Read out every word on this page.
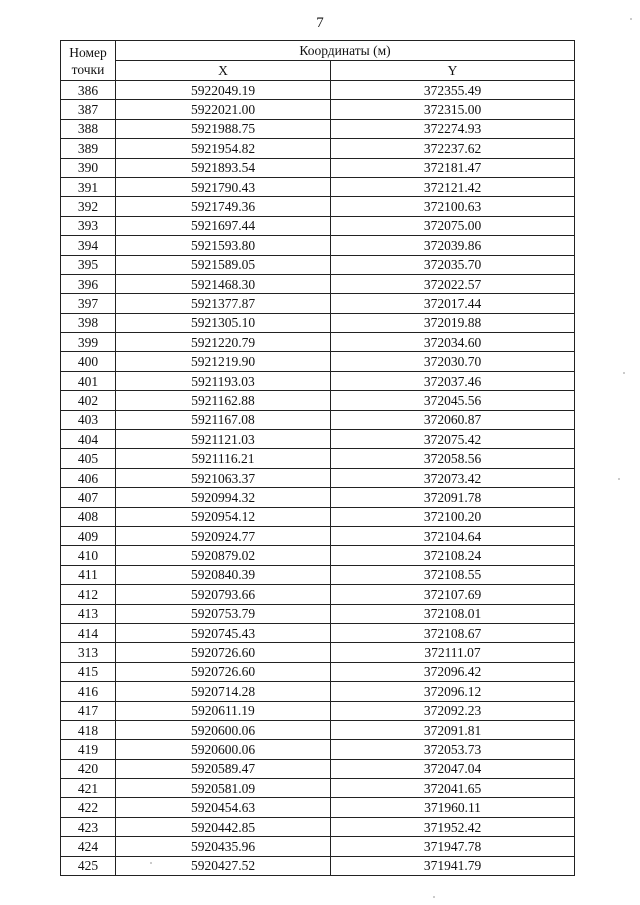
7
Номер
точки	Координаты (м)	
	X	Y
386	5922049.19	372355.49
387	5922021.00	372315.00
388	5921988.75	372274.93
389	5921954.82	372237.62
390	5921893.54	372181.47
391	5921790.43	372121.42
392	5921749.36	372100.63
393	5921697.44	372075.00
394	5921593.80	372039.86
395	5921589.05	372035.70
396	5921468.30	372022.57
397	5921377.87	372017.44
398	5921305.10	372019.88
399	5921220.79	372034.60
400	5921219.90	372030.70
401	5921193.03	372037.46
402	5921162.88	372045.56
403	5921167.08	372060.87
404	5921121.03	372075.42
405	5921116.21	372058.56
406	5921063.37	372073.42
407	5920994.32	372091.78
408	5920954.12	372100.20
409	5920924.77	372104.64
410	5920879.02	372108.24
411	5920840.39	372108.55
412	5920793.66	372107.69
413	5920753.79	372108.01
414	5920745.43	372108.67
313	5920726.60	372111.07
415	5920726.60	372096.42
416	5920714.28	372096.12
417	5920611.19	372092.23
418	5920600.06	372091.81
419	5920600.06	372053.73
420	5920589.47	372047.04
421	5920581.09	372041.65
422	5920454.63	371960.11
423	5920442.85	371952.42
424	5920435.96	371947.78
425	5920427.52	371941.79
